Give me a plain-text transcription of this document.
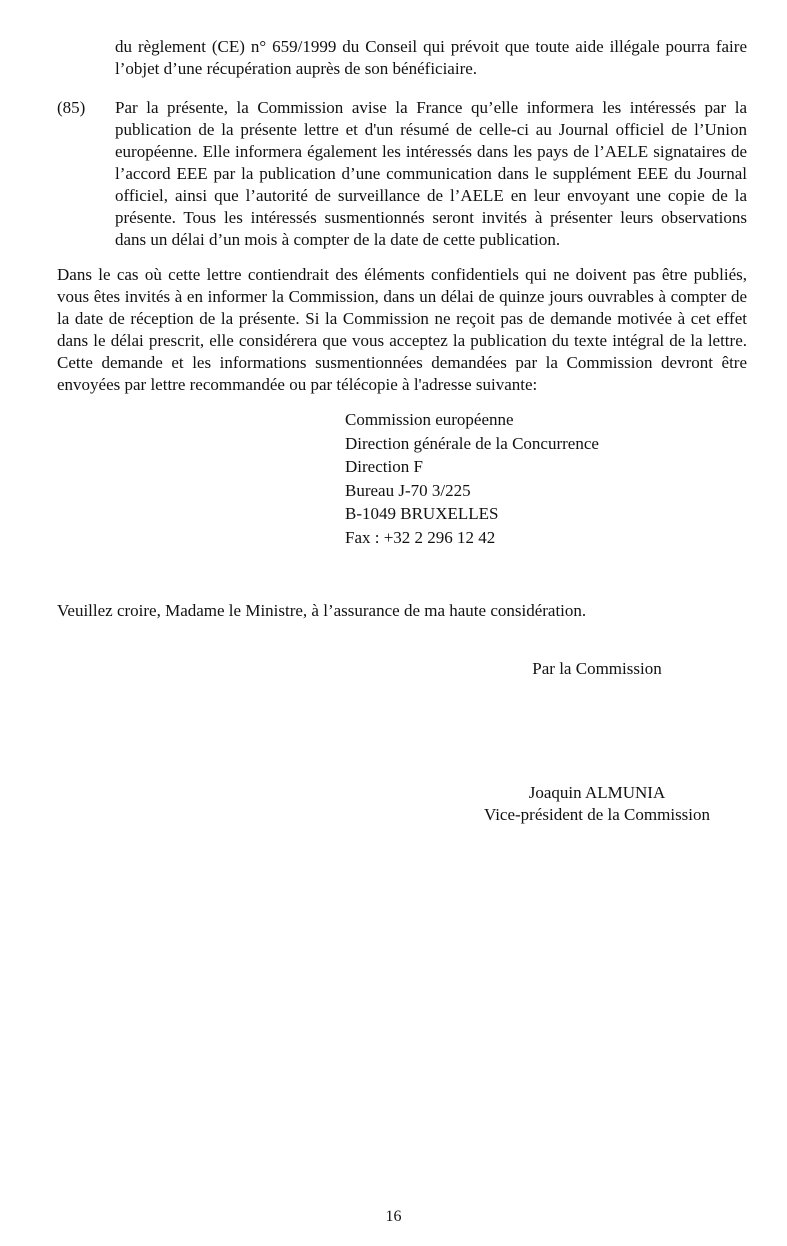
du règlement (CE) n° 659/1999 du Conseil qui prévoit que toute aide illégale pourra faire l’objet d’une récupération auprès de son bénéficiaire.

(85)	Par la présente, la Commission avise la France qu’elle informera les intéressés par la publication de la présente lettre et d'un résumé de celle-ci au Journal officiel de l’Union européenne. Elle informera également les intéressés dans les pays de l’AELE signataires de l’accord EEE par la publication d’une communication dans le supplément EEE du Journal officiel, ainsi que l’autorité de surveillance de l’AELE en leur envoyant une copie de la présente. Tous les intéressés susmentionnés seront invités à présenter leurs observations dans un délai d’un mois à compter de la date de cette publication.

Dans le cas où cette lettre contiendrait des éléments confidentiels qui ne doivent pas être publiés, vous êtes invités à en informer la Commission, dans un délai de quinze jours ouvrables à compter de la date de réception de la présente. Si la Commission ne reçoit pas de demande motivée à cet effet dans le délai prescrit, elle considérera que vous acceptez la publication du texte intégral de la lettre. Cette demande et les informations susmentionnées demandées par la Commission devront être envoyées par lettre recommandée ou par télécopie à l'adresse suivante:

Commission européenne
Direction générale de la Concurrence
Direction F
Bureau J-70 3/225
B-1049 BRUXELLES
Fax : +32 2 296 12 42

Veuillez croire, Madame le Ministre, à l’assurance de ma haute considération.

Par la Commission
Joaquin ALMUNIA
Vice-président de la Commission
16
